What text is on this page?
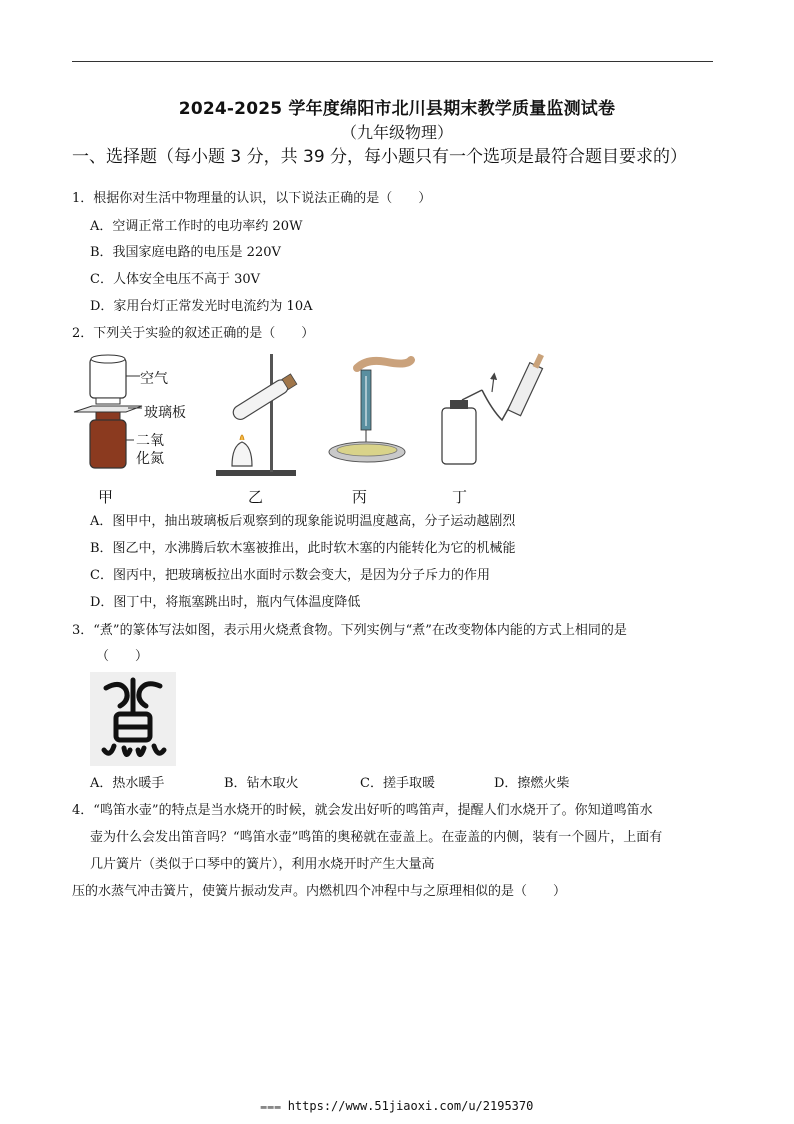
2024-2025 学年度绵阳市北川县期末教学质量监测试卷
（九年级物理）
一、选择题（每小题 3 分，共 39 分，每小题只有一个选项是最符合题目要求的）
1．根据你对生活中物理量的认识，以下说法正确的是（　　）
A．空调正常工作时的电功率约 20W
B．我国家庭电路的电压是 220V
C．人体安全电压不高于 30V
D．家用台灯正常发光时电流约为 10A
2．下列关于实验的叙述正确的是（　　）
空气
玻璃板
二氧
化氮
甲	乙	丙	丁
A．图甲中，抽出玻璃板后观察到的现象能说明温度越高，分子运动越剧烈
B．图乙中，水沸腾后软木塞被推出，此时软木塞的内能转化为它的机械能
C．图丙中，把玻璃板拉出水面时示数会变大，是因为分子斥力的作用
D．图丁中，将瓶塞跳出时，瓶内气体温度降低
3．“煮”的篆体写法如图，表示用火烧煮食物。下列实例与“煮”在改变物体内能的方式上相同的是
（　　）
A．热水暖手	B．钻木取火	C．搓手取暖	D．擦燃火柴
4．“鸣笛水壶”的特点是当水烧开的时候，就会发出好听的鸣笛声，提醒人们水烧开了。你知道鸣笛水
壶为什么会发出笛音吗？“鸣笛水壶”鸣笛的奥秘就在壶盖上。在壶盖的内侧，装有一个圆片，上面有
几片簧片（类似于口琴中的簧片），利用水烧开时产生大量高
压的水蒸气冲击簧片，使簧片振动发声。内燃机四个冲程中与之原理相似的是（　　）
▬▬▬ https://www.51jiaoxi.com/u/2195370
